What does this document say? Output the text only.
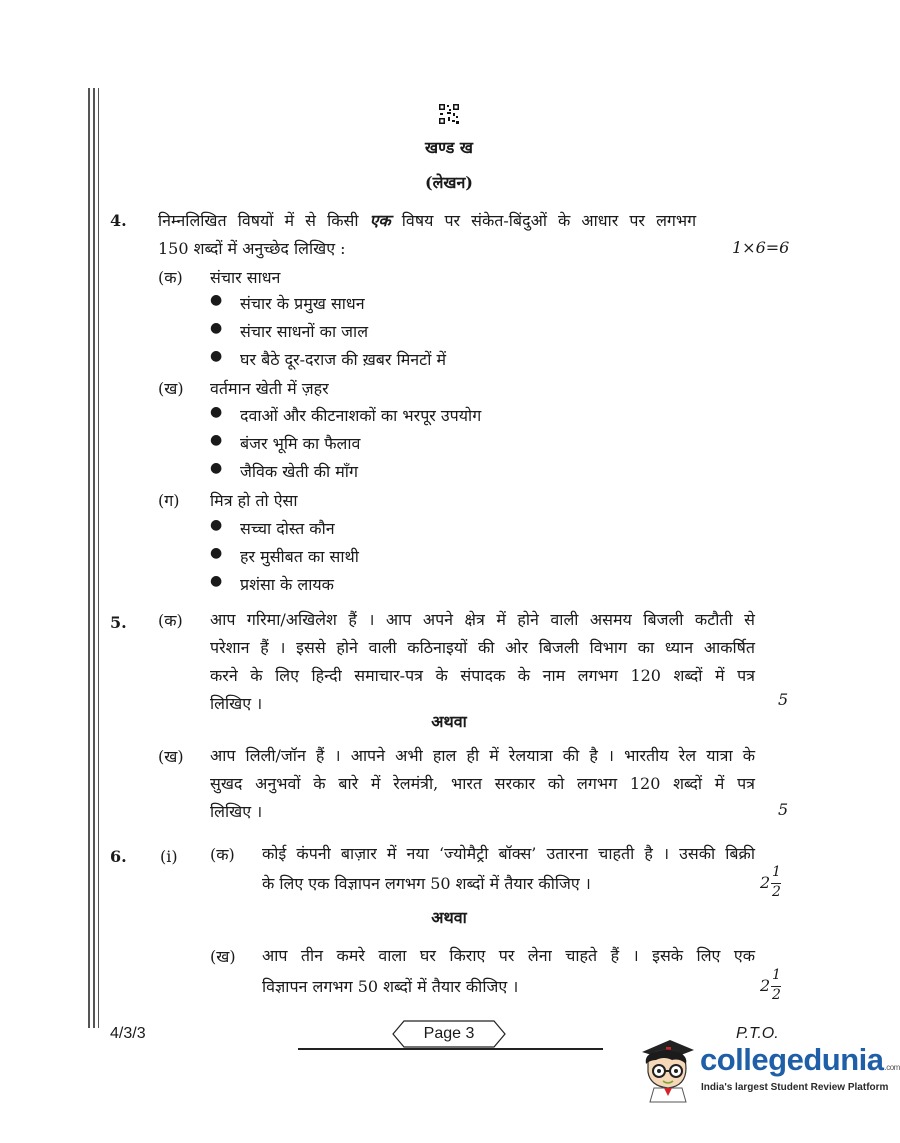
खण्ड ख
(लेखन)
4. निम्नलिखित विषयों में से किसी एक विषय पर संकेत-बिंदुओं के आधार पर लगभग
150 शब्दों में अनुच्छेद लिखिए :	1×6=6
(क) संचार साधन
● संचार के प्रमुख साधन
● संचार साधनों का जाल
● घर बैठे दूर-दराज की ख़बर मिनटों में
(ख) वर्तमान खेती में ज़हर
● दवाओं और कीटनाशकों का भरपूर उपयोग
● बंजर भूमि का फैलाव
● जैविक खेती की माँग
(ग) मित्र हो तो ऐसा
● सच्चा दोस्त कौन
● हर मुसीबत का साथी
● प्रशंसा के लायक
5. (क) आप गरिमा/अखिलेश हैं । आप अपने क्षेत्र में होने वाली असमय बिजली कटौती से
परेशान हैं । इससे होने वाली कठिनाइयों की ओर बिजली विभाग का ध्यान आकर्षित
करने के लिए हिन्दी समाचार-पत्र के संपादक के नाम लगभग 120 शब्दों में पत्र
लिखिए ।	5
अथवा
(ख) आप लिली/जॉन हैं । आपने अभी हाल ही में रेलयात्रा की है । भारतीय रेल यात्रा के
सुखद अनुभवों के बारे में रेलमंत्री, भारत सरकार को लगभग 120 शब्दों में पत्र
लिखिए ।	5
6. (i) (क) कोई कंपनी बाज़ार में नया ‘ज्योमैट्री बॉक्स’ उतारना चाहती है । उसकी बिक्री
के लिए एक विज्ञापन लगभग 50 शब्दों में तैयार कीजिए ।	2
1
2
अथवा
(ख) आप तीन कमरे वाला घर किराए पर लेना चाहते हैं । इसके लिए एक
विज्ञापन लगभग 50 शब्दों में तैयार कीजिए ।	2
1
2
4/3/3	Page 3	P.T.O.
collegedunia.com
India's largest Student Review Platform
